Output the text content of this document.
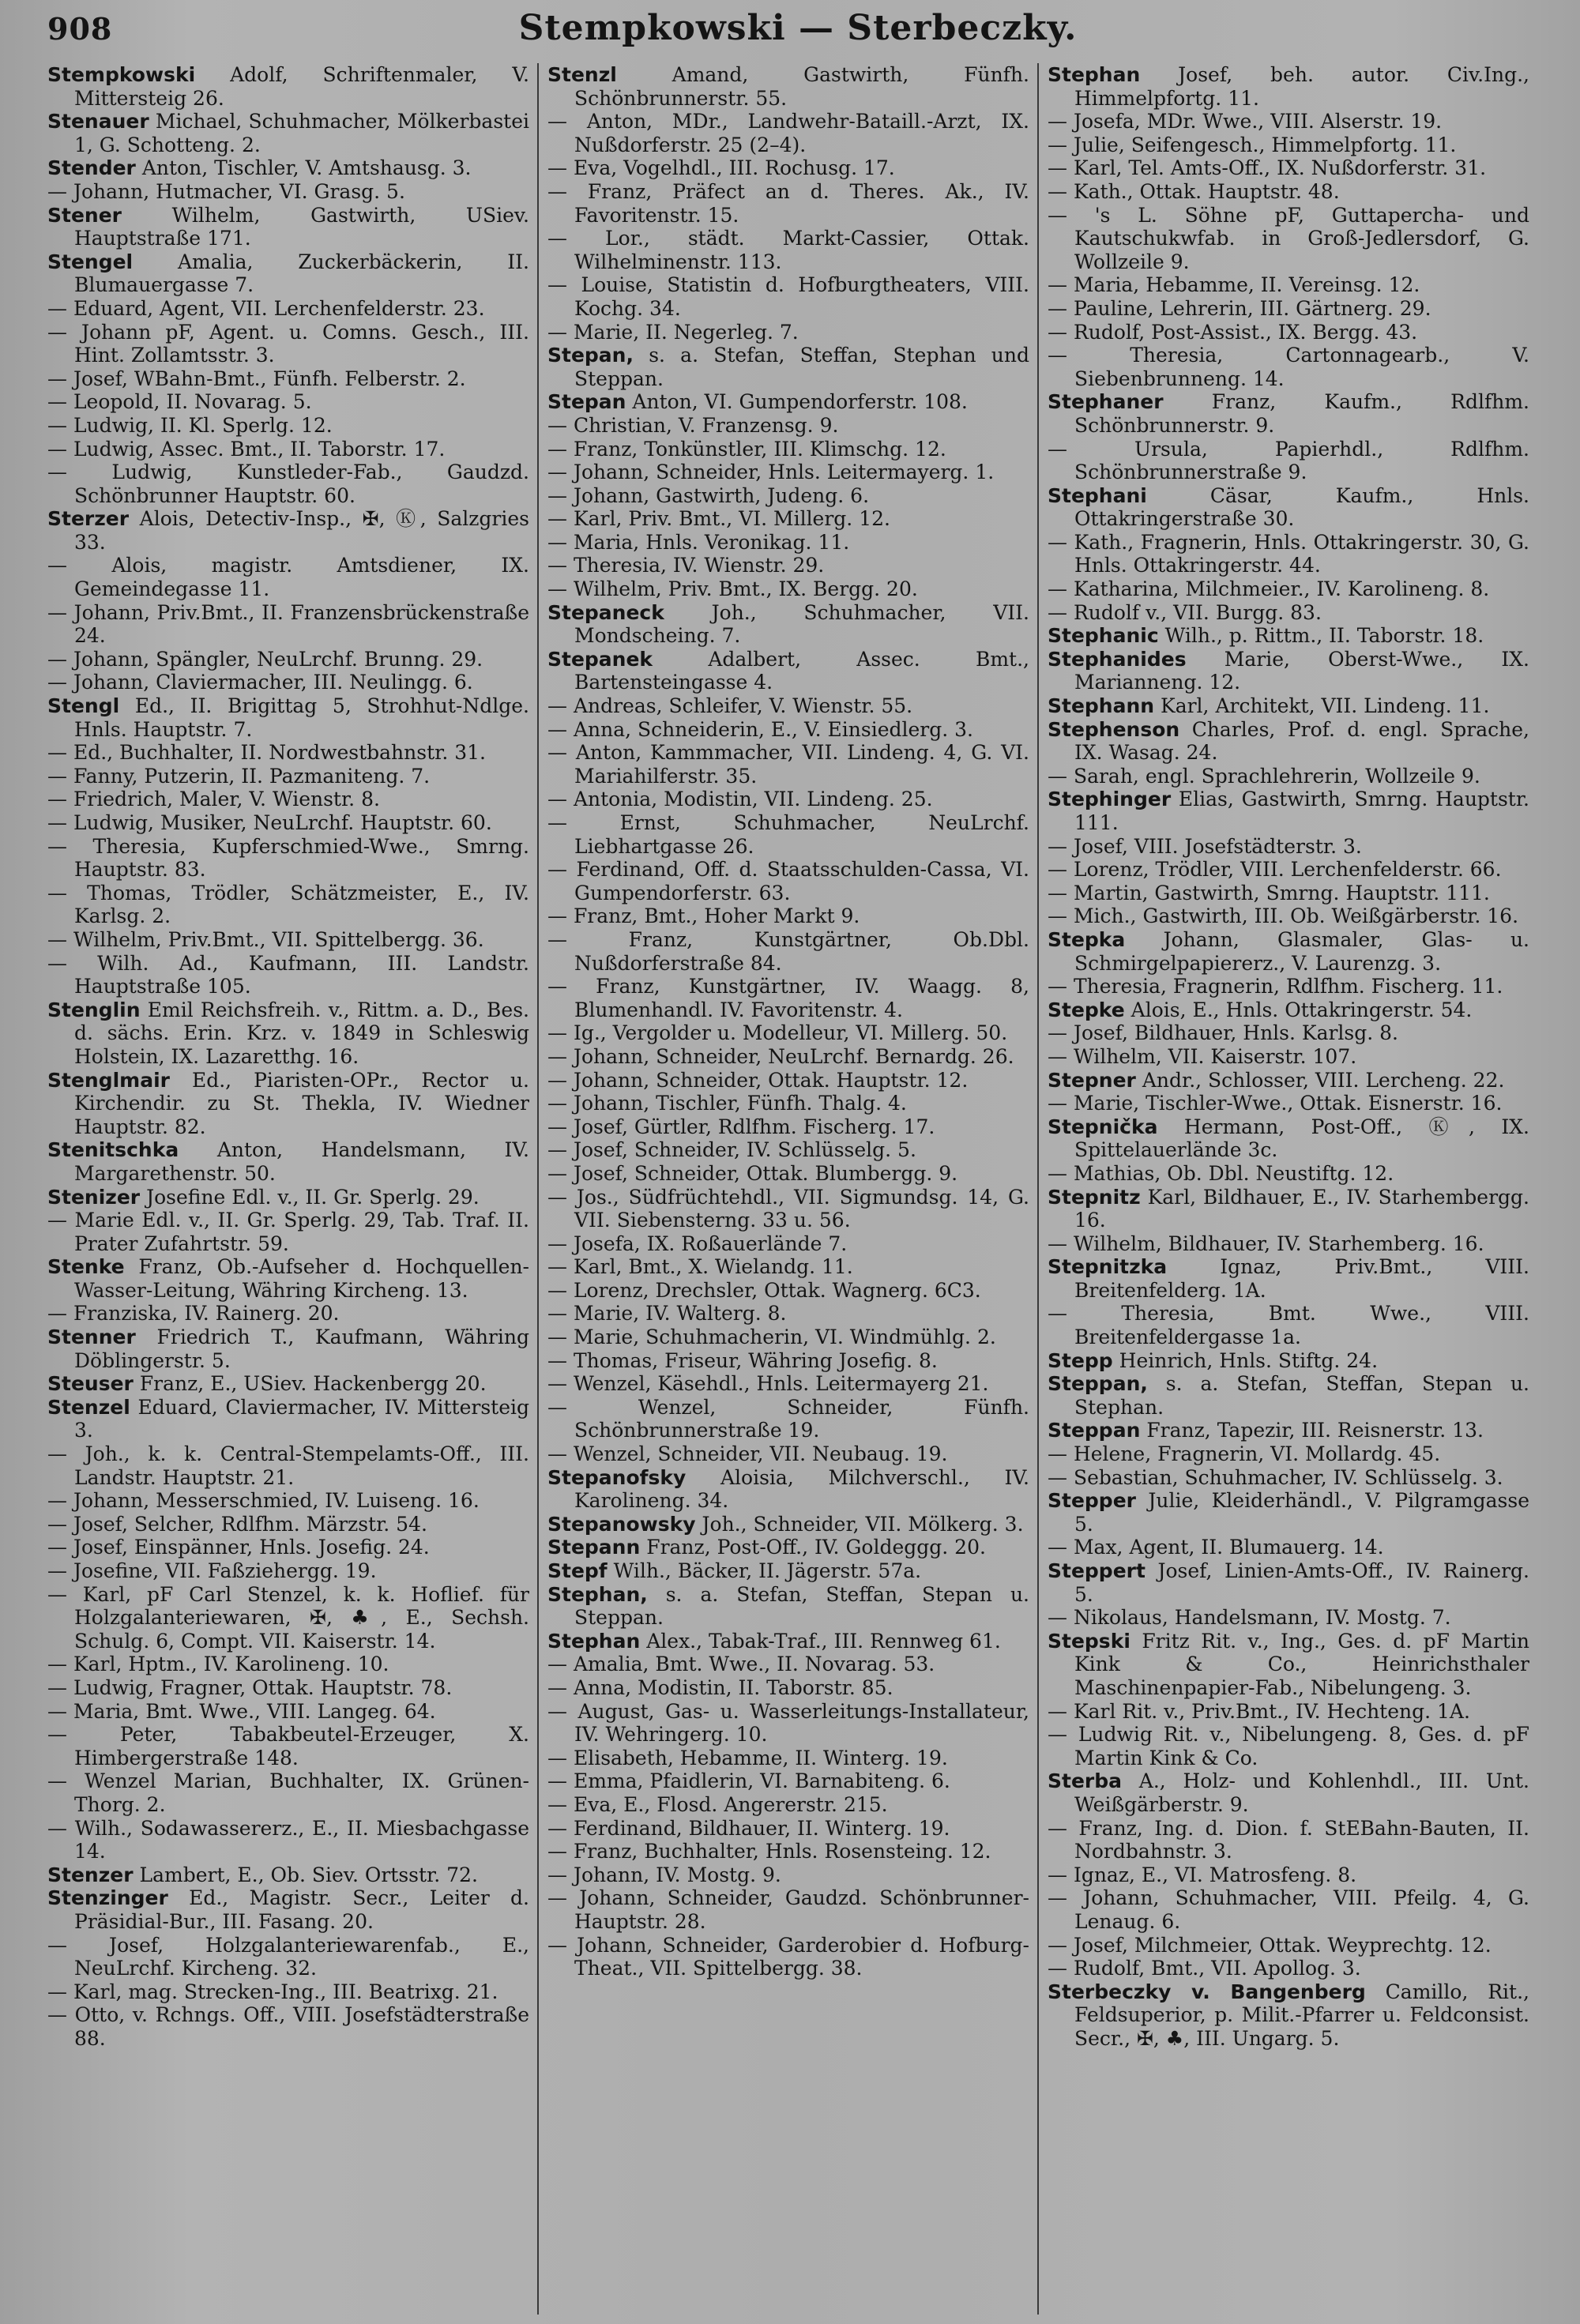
908	Stempkowski — Sterbeczky.

Stempkowski Adolf, Schriftenmaler, V. Mittersteig 26.

Stenauer Michael, Schuhmacher, Mölkerbastei 1, G. Schotteng. 2.

Stender Anton, Tischler, V. Amtshausg. 3.

— Johann, Hutmacher, VI. Grasg. 5.

Stener Wilhelm, Gastwirth, USiev. Hauptstraße 171.

Stengel Amalia, Zuckerbäckerin, II. Blumauergasse 7.

— Eduard, Agent, VII. Lerchenfelderstr. 23.

— Johann pF, Agent. u. Comns. Gesch., III. Hint. Zollamtsstr. 3.

— Josef, WBahn-Bmt., Fünfh. Felberstr. 2.

— Leopold, II. Novarag. 5.

— Ludwig, II. Kl. Sperlg. 12.

— Ludwig, Assec. Bmt., II. Taborstr. 17.

— Ludwig, Kunstleder-Fab., Gaudzd. Schönbrunner Hauptstr. 60.

Sterzer Alois, Detectiv-Insp., ✠, Ⓚ, Salzgries 33.

— Alois, magistr. Amtsdiener, IX. Gemeindegasse 11.

— Johann, Priv.Bmt., II. Franzensbrückenstraße 24.

— Johann, Spängler, NeuLrchf. Brunng. 29.

— Johann, Claviermacher, III. Neulingg. 6.

Stengl Ed., II. Brigittag 5, Strohhut-Ndlge. Hnls. Hauptstr. 7.

— Ed., Buchhalter, II. Nordwestbahnstr. 31.

— Fanny, Putzerin, II. Pazmaniteng. 7.

— Friedrich, Maler, V. Wienstr. 8.

— Ludwig, Musiker, NeuLrchf. Hauptstr. 60.

— Theresia, Kupferschmied-Wwe., Smrng. Hauptstr. 83.

— Thomas, Trödler, Schätzmeister, E., IV. Karlsg. 2.

— Wilhelm, Priv.Bmt., VII. Spittelbergg. 36.

— Wilh. Ad., Kaufmann, III. Landstr. Hauptstraße 105.

Stenglin Emil Reichsfreih. v., Rittm. a. D., Bes. d. sächs. Erin. Krz. v. 1849 in Schleswig Holstein, IX. Lazaretthg. 16.

Stenglmair Ed., Piaristen-OPr., Rector u. Kirchendir. zu St. Thekla, IV. Wiedner Hauptstr. 82.

Stenitschka Anton, Handelsmann, IV. Margarethenstr. 50.

Stenizer Josefine Edl. v., II. Gr. Sperlg. 29.

— Marie Edl. v., II. Gr. Sperlg. 29, Tab. Traf. II. Prater Zufahrtstr. 59.

Stenke Franz, Ob.-Aufseher d. Hochquellen-Wasser-Leitung, Währing Kircheng. 13.

— Franziska, IV. Rainerg. 20.

Stenner Friedrich T., Kaufmann, Währing Döblingerstr. 5.

Steuser Franz, E., USiev. Hackenbergg 20.

Stenzel Eduard, Claviermacher, IV. Mittersteig 3.

— Joh., k. k. Central-Stempelamts-Off., III. Landstr. Hauptstr. 21.

— Johann, Messerschmied, IV. Luiseng. 16.

— Josef, Selcher, Rdlfhm. Märzstr. 54.

— Josef, Einspänner, Hnls. Josefig. 24.

— Josefine, VII. Faßziehergg. 19.

— Karl, pF Carl Stenzel, k. k. Hoflief. für Holzgalanteriewaren, ✠, ♣, E., Sechsh. Schulg. 6, Compt. VII. Kaiserstr. 14.

— Karl, Hptm., IV. Karolineng. 10.

— Ludwig, Fragner, Ottak. Hauptstr. 78.

— Maria, Bmt. Wwe., VIII. Langeg. 64.

— Peter, Tabakbeutel-Erzeuger, X. Himbergerstraße 148.

— Wenzel Marian, Buchhalter, IX. Grünen-Thorg. 2.

— Wilh., Sodawassererz., E., II. Miesbachgasse 14.

Stenzer Lambert, E., Ob. Siev. Ortsstr. 72.

Stenzinger Ed., Magistr. Secr., Leiter d. Präsidial-Bur., III. Fasang. 20.

— Josef, Holzgalanteriewarenfab., E., NeuLrchf. Kircheng. 32.

— Karl, mag. Strecken-Ing., III. Beatrixg. 21.

— Otto, v. Rchngs. Off., VIII. Josefstädterstraße 88.

Stenzl Amand, Gastwirth, Fünfh. Schönbrunnerstr. 55.

— Anton, MDr., Landwehr-Bataill.-Arzt, IX. Nußdorferstr. 25 (2–4).

— Eva, Vogelhdl., III. Rochusg. 17.

— Franz, Präfect an d. Theres. Ak., IV. Favoritenstr. 15.

— Lor., städt. Markt-Cassier, Ottak. Wilhelminenstr. 113.

— Louise, Statistin d. Hofburgtheaters, VIII. Kochg. 34.

— Marie, II. Negerleg. 7.

Stepan, s. a. Stefan, Steffan, Stephan und Steppan.

Stepan Anton, VI. Gumpendorferstr. 108.

— Christian, V. Franzensg. 9.

— Franz, Tonkünstler, III. Klimschg. 12.

— Johann, Schneider, Hnls. Leitermayerg. 1.

— Johann, Gastwirth, Judeng. 6.

— Karl, Priv. Bmt., VI. Millerg. 12.

— Maria, Hnls. Veronikag. 11.

— Theresia, IV. Wienstr. 29.

— Wilhelm, Priv. Bmt., IX. Bergg. 20.

Stepaneck Joh., Schuhmacher, VII. Mondscheing. 7.

Stepanek Adalbert, Assec. Bmt., Bartensteingasse 4.

— Andreas, Schleifer, V. Wienstr. 55.

— Anna, Schneiderin, E., V. Einsiedlerg. 3.

— Anton, Kammmacher, VII. Lindeng. 4, G. VI. Mariahilferstr. 35.

— Antonia, Modistin, VII. Lindeng. 25.

— Ernst, Schuhmacher, NeuLrchf. Liebhartgasse 26.

— Ferdinand, Off. d. Staatsschulden-Cassa, VI. Gumpendorferstr. 63.

— Franz, Bmt., Hoher Markt 9.

— Franz, Kunstgärtner, Ob.Dbl. Nußdorferstraße 84.

— Franz, Kunstgärtner, IV. Waagg. 8, Blumenhandl. IV. Favoritenstr. 4.

— Ig., Vergolder u. Modelleur, VI. Millerg. 50.

— Johann, Schneider, NeuLrchf. Bernardg. 26.

— Johann, Schneider, Ottak. Hauptstr. 12.

— Johann, Tischler, Fünfh. Thalg. 4.

— Josef, Gürtler, Rdlfhm. Fischerg. 17.

— Josef, Schneider, IV. Schlüsselg. 5.

— Josef, Schneider, Ottak. Blumbergg. 9.

— Jos., Südfrüchtehdl., VII. Sigmundsg. 14, G. VII. Siebensterng. 33 u. 56.

— Josefa, IX. Roßauerlände 7.

— Karl, Bmt., X. Wielandg. 11.

— Lorenz, Drechsler, Ottak. Wagnerg. 6C3.

— Marie, IV. Walterg. 8.

— Marie, Schuhmacherin, VI. Windmühlg. 2.

— Thomas, Friseur, Währing Josefig. 8.

— Wenzel, Käsehdl., Hnls. Leitermayerg 21.

— Wenzel, Schneider, Fünfh. Schönbrunnerstraße 19.

— Wenzel, Schneider, VII. Neubaug. 19.

Stepanofsky Aloisia, Milchverschl., IV. Karolineng. 34.

Stepanowsky Joh., Schneider, VII. Mölkerg. 3.

Stepann Franz, Post-Off., IV. Goldeggg. 20.

Stepf Wilh., Bäcker, II. Jägerstr. 57a.

Stephan, s. a. Stefan, Steffan, Stepan u. Steppan.

Stephan Alex., Tabak-Traf., III. Rennweg 61.

— Amalia, Bmt. Wwe., II. Novarag. 53.

— Anna, Modistin, II. Taborstr. 85.

— August, Gas- u. Wasserleitungs-Installateur, IV. Wehringerg. 10.

— Elisabeth, Hebamme, II. Winterg. 19.

— Emma, Pfaidlerin, VI. Barnabiteng. 6.

— Eva, E., Flosd. Angererstr. 215.

— Ferdinand, Bildhauer, II. Winterg. 19.

— Franz, Buchhalter, Hnls. Rosensteing. 12.

— Johann, IV. Mostg. 9.

— Johann, Schneider, Gaudzd. Schönbrunner-Hauptstr. 28.

— Johann, Schneider, Garderobier d. Hofburg-Theat., VII. Spittelbergg. 38.

Stephan Josef, beh. autor. Civ.Ing., Himmelpfortg. 11.

— Josefa, MDr. Wwe., VIII. Alserstr. 19.

— Julie, Seifengesch., Himmelpfortg. 11.

— Karl, Tel. Amts-Off., IX. Nußdorferstr. 31.

— Kath., Ottak. Hauptstr. 48.

— 's L. Söhne pF, Guttapercha- und Kautschukwfab. in Groß-Jedlersdorf, G. Wollzeile 9.

— Maria, Hebamme, II. Vereinsg. 12.

— Pauline, Lehrerin, III. Gärtnerg. 29.

— Rudolf, Post-Assist., IX. Bergg. 43.

— Theresia, Cartonnagearb., V. Siebenbrunneng. 14.

Stephaner Franz, Kaufm., Rdlfhm. Schönbrunnerstr. 9.

— Ursula, Papierhdl., Rdlfhm. Schönbrunnerstraße 9.

Stephani Cäsar, Kaufm., Hnls. Ottakringerstraße 30.

— Kath., Fragnerin, Hnls. Ottakringerstr. 30, G. Hnls. Ottakringerstr. 44.

— Katharina, Milchmeier., IV. Karolineng. 8.

— Rudolf v., VII. Burgg. 83.

Stephanic Wilh., p. Rittm., II. Taborstr. 18.

Stephanides Marie, Oberst-Wwe., IX. Marianneng. 12.

Stephann Karl, Architekt, VII. Lindeng. 11.

Stephenson Charles, Prof. d. engl. Sprache, IX. Wasag. 24.

— Sarah, engl. Sprachlehrerin, Wollzeile 9.

Stephinger Elias, Gastwirth, Smrng. Hauptstr. 111.

— Josef, VIII. Josefstädterstr. 3.

— Lorenz, Trödler, VIII. Lerchenfelderstr. 66.

— Martin, Gastwirth, Smrng. Hauptstr. 111.

— Mich., Gastwirth, III. Ob. Weißgärberstr. 16.

Stepka Johann, Glasmaler, Glas- u. Schmirgelpapiererz., V. Laurenzg. 3.

— Theresia, Fragnerin, Rdlfhm. Fischerg. 11.

Stepke Alois, E., Hnls. Ottakringerstr. 54.

— Josef, Bildhauer, Hnls. Karlsg. 8.

— Wilhelm, VII. Kaiserstr. 107.

Stepner Andr., Schlosser, VIII. Lercheng. 22.

— Marie, Tischler-Wwe., Ottak. Eisnerstr. 16.

Stepnička Hermann, Post-Off., Ⓚ, IX. Spittelauerlände 3c.

— Mathias, Ob. Dbl. Neustiftg. 12.

Stepnitz Karl, Bildhauer, E., IV. Starhembergg. 16.

— Wilhelm, Bildhauer, IV. Starhemberg. 16.

Stepnitzka Ignaz, Priv.Bmt., VIII. Breitenfelderg. 1A.

— Theresia, Bmt. Wwe., VIII. Breitenfeldergasse 1a.

Stepp Heinrich, Hnls. Stiftg. 24.

Steppan, s. a. Stefan, Steffan, Stepan u. Stephan.

Steppan Franz, Tapezir, III. Reisnerstr. 13.

— Helene, Fragnerin, VI. Mollardg. 45.

— Sebastian, Schuhmacher, IV. Schlüsselg. 3.

Stepper Julie, Kleiderhändl., V. Pilgramgasse 5.

— Max, Agent, II. Blumauerg. 14.

Steppert Josef, Linien-Amts-Off., IV. Rainerg. 5.

— Nikolaus, Handelsmann, IV. Mostg. 7.

Stepski Fritz Rit. v., Ing., Ges. d. pF Martin Kink & Co., Heinrichsthaler Maschinenpapier-Fab., Nibelungeng. 3.

— Karl Rit. v., Priv.Bmt., IV. Hechteng. 1A.

— Ludwig Rit. v., Nibelungeng. 8, Ges. d. pF Martin Kink & Co.

Sterba A., Holz- und Kohlenhdl., III. Unt. Weißgärberstr. 9.

— Franz, Ing. d. Dion. f. StEBahn-Bauten, II. Nordbahnstr. 3.

— Ignaz, E., VI. Matrosfeng. 8.

— Johann, Schuhmacher, VIII. Pfeilg. 4, G. Lenaug. 6.

— Josef, Milchmeier, Ottak. Weyprechtg. 12.

— Rudolf, Bmt., VII. Apollog. 3.

Sterbeczky v. Bangenberg Camillo, Rit., Feldsuperior, p. Milit.-Pfarrer u. Feldconsist. Secr., ✠, ♣, III. Ungarg. 5.
